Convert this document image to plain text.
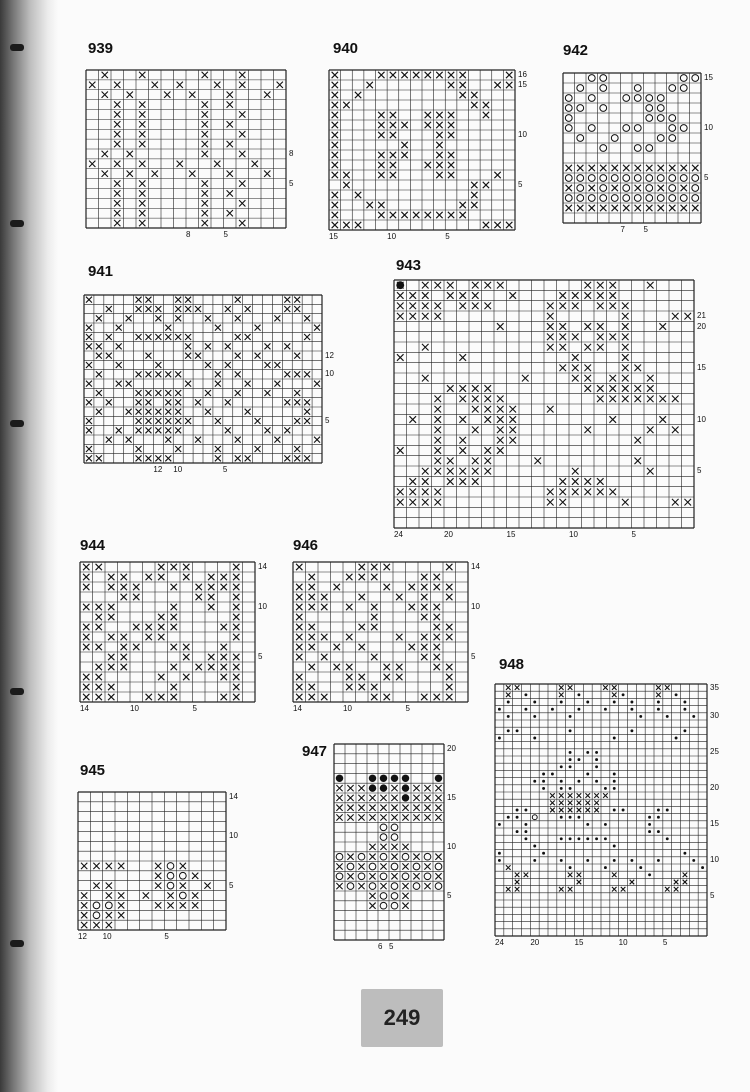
939
8
5
8	5
940
16
15
10
5
15	10	5
942
15
10
5
7 5
941
12
10
5
12 10	5
943
21
20
15
10
5
24	20	15	10	5
944
14
10
5
14	10	5
946
14
10
5
14	10	5
945
14
10
5
12 10	5
947	20
15
10
5
6 5
948
35
30
25
20
15
10
5
24	20	15	10	5
249
